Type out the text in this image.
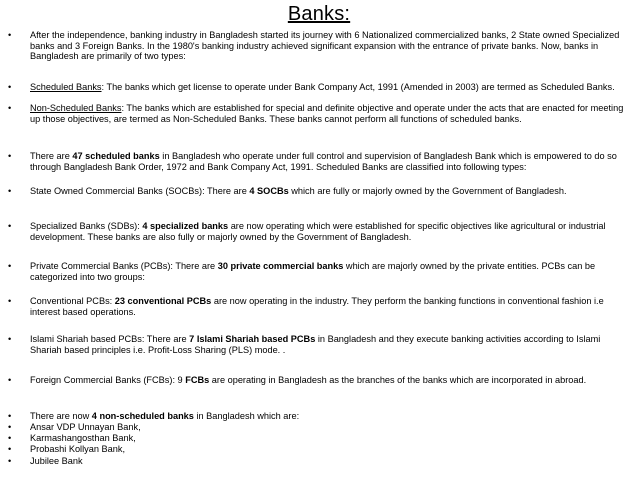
Banks:
• After the independence, banking industry in Bangladesh started its journey with 6 Nationalized commercialized banks, 2 State owned Specialized banks and 3 Foreign Banks. In the 1980's banking industry achieved significant expansion with the entrance of private banks. Now, banks in Bangladesh are primarily of two types:
• Scheduled Banks: The banks which get license to operate under Bank Company Act, 1991 (Amended in 2003) are termed as Scheduled Banks.
• Non-Scheduled Banks: The banks which are established for special and definite objective and operate under the acts that are enacted for meeting up those objectives, are termed as Non-Scheduled Banks. These banks cannot perform all functions of scheduled banks.
• There are 47 scheduled banks in Bangladesh who operate under full control and supervision of Bangladesh Bank which is empowered to do so through Bangladesh Bank Order, 1972 and Bank Company Act, 1991. Scheduled Banks are classified into following types:
• State Owned Commercial Banks (SOCBs): There are 4 SOCBs which are fully or majorly owned by the Government of Bangladesh.
• Specialized Banks (SDBs): 4 specialized banks are now operating which were established for specific objectives like agricultural or industrial development. These banks are also fully or majorly owned by the Government of Bangladesh.
• Private Commercial Banks (PCBs): There are 30 private commercial banks which are majorly owned by the private entities. PCBs can be categorized into two groups:
• Conventional PCBs: 23 conventional PCBs are now operating in the industry. They perform the banking functions in conventional fashion i.e interest based operations.
• Islami Shariah based PCBs: There are 7 Islami Shariah based PCBs in Bangladesh and they execute banking activities according to Islami Shariah based principles i.e. Profit-Loss Sharing (PLS) mode. .
• Foreign Commercial Banks (FCBs): 9 FCBs are operating in Bangladesh as the branches of the banks which are incorporated in abroad.
• There are now 4 non-scheduled banks in Bangladesh which are:
• Ansar VDP Unnayan Bank,
• Karmashangosthan Bank,
• Probashi Kollyan Bank,
• Jubilee Bank
